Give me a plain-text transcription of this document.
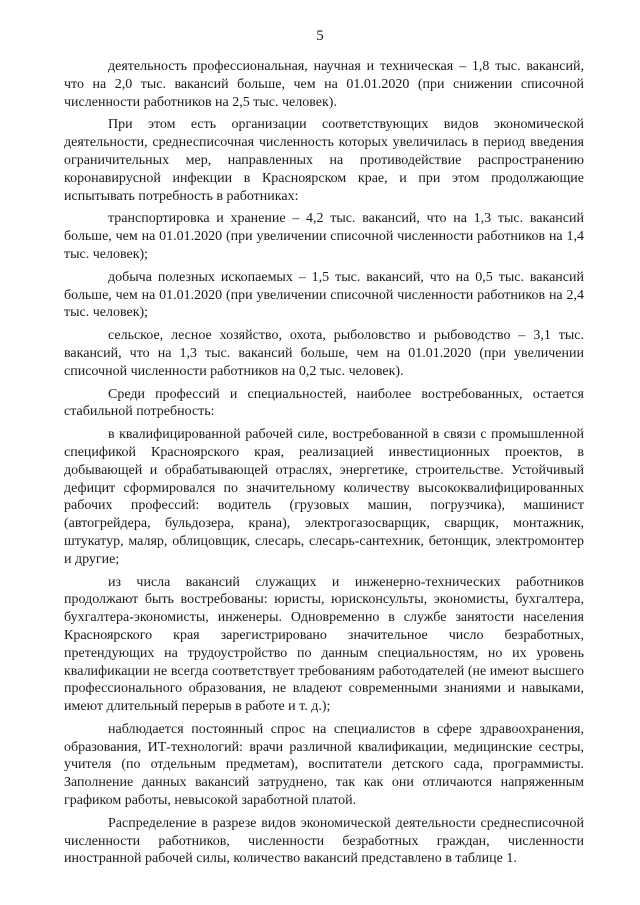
5

деятельность профессиональная, научная и техническая – 1,8 тыс. вакансий, что на 2,0 тыс. вакансий больше, чем на 01.01.2020 (при снижении списочной численности работников на 2,5 тыс. человек).

При этом есть организации соответствующих видов экономической деятельности, среднесписочная численность которых увеличилась в период введения ограничительных мер, направленных на противодействие распространению коронавирусной инфекции в Красноярском крае, и при этом продолжающие испытывать потребность в работниках:

транспортировка и хранение – 4,2 тыс. вакансий, что на 1,3 тыс. вакансий больше, чем на 01.01.2020 (при увеличении списочной численности работников на 1,4 тыс. человек);

добыча полезных ископаемых – 1,5 тыс. вакансий, что на 0,5 тыс. вакансий больше, чем на 01.01.2020 (при увеличении списочной численности работников на 2,4 тыс. человек);

сельское, лесное хозяйство, охота, рыболовство и рыбоводство – 3,1 тыс. вакансий, что на 1,3 тыс. вакансий больше, чем на 01.01.2020 (при увеличении списочной численности работников на 0,2 тыс. человек).

Среди профессий и специальностей, наиболее востребованных, остается стабильной потребность:

в квалифицированной рабочей силе, востребованной в связи с промышленной спецификой Красноярского края, реализацией инвестиционных проектов, в добывающей и обрабатывающей отраслях, энергетике, строительстве. Устойчивый дефицит сформировался по значительному количеству высококвалифицированных рабочих профессий: водитель (грузовых машин, погрузчика), машинист (автогрейдера, бульдозера, крана), электрогазосварщик, сварщик, монтажник, штукатур, маляр, облицовщик, слесарь, слесарь-сантехник, бетонщик, электромонтер и другие;

из числа вакансий служащих и инженерно-технических работников продолжают быть востребованы: юристы, юрисконсульты, экономисты, бухгалтера, бухгалтера-экономисты, инженеры. Одновременно в службе занятости населения Красноярского края зарегистрировано значительное число безработных, претендующих на трудоустройство по данным специальностям, но их уровень квалификации не всегда соответствует требованиям работодателей (не имеют высшего профессионального образования, не владеют современными знаниями и навыками, имеют длительный перерыв в работе и т. д.);

наблюдается постоянный спрос на специалистов в сфере здравоохранения, образования, ИТ-технологий: врачи различной квалификации, медицинские сестры, учителя (по отдельным предметам), воспитатели детского сада, программисты. Заполнение данных вакансий затруднено, так как они отличаются напряженным графиком работы, невысокой заработной платой.

Распределение в разрезе видов экономической деятельности среднесписочной численности работников, численности безработных граждан, численности иностранной рабочей силы, количество вакансий представлено в таблице 1.
